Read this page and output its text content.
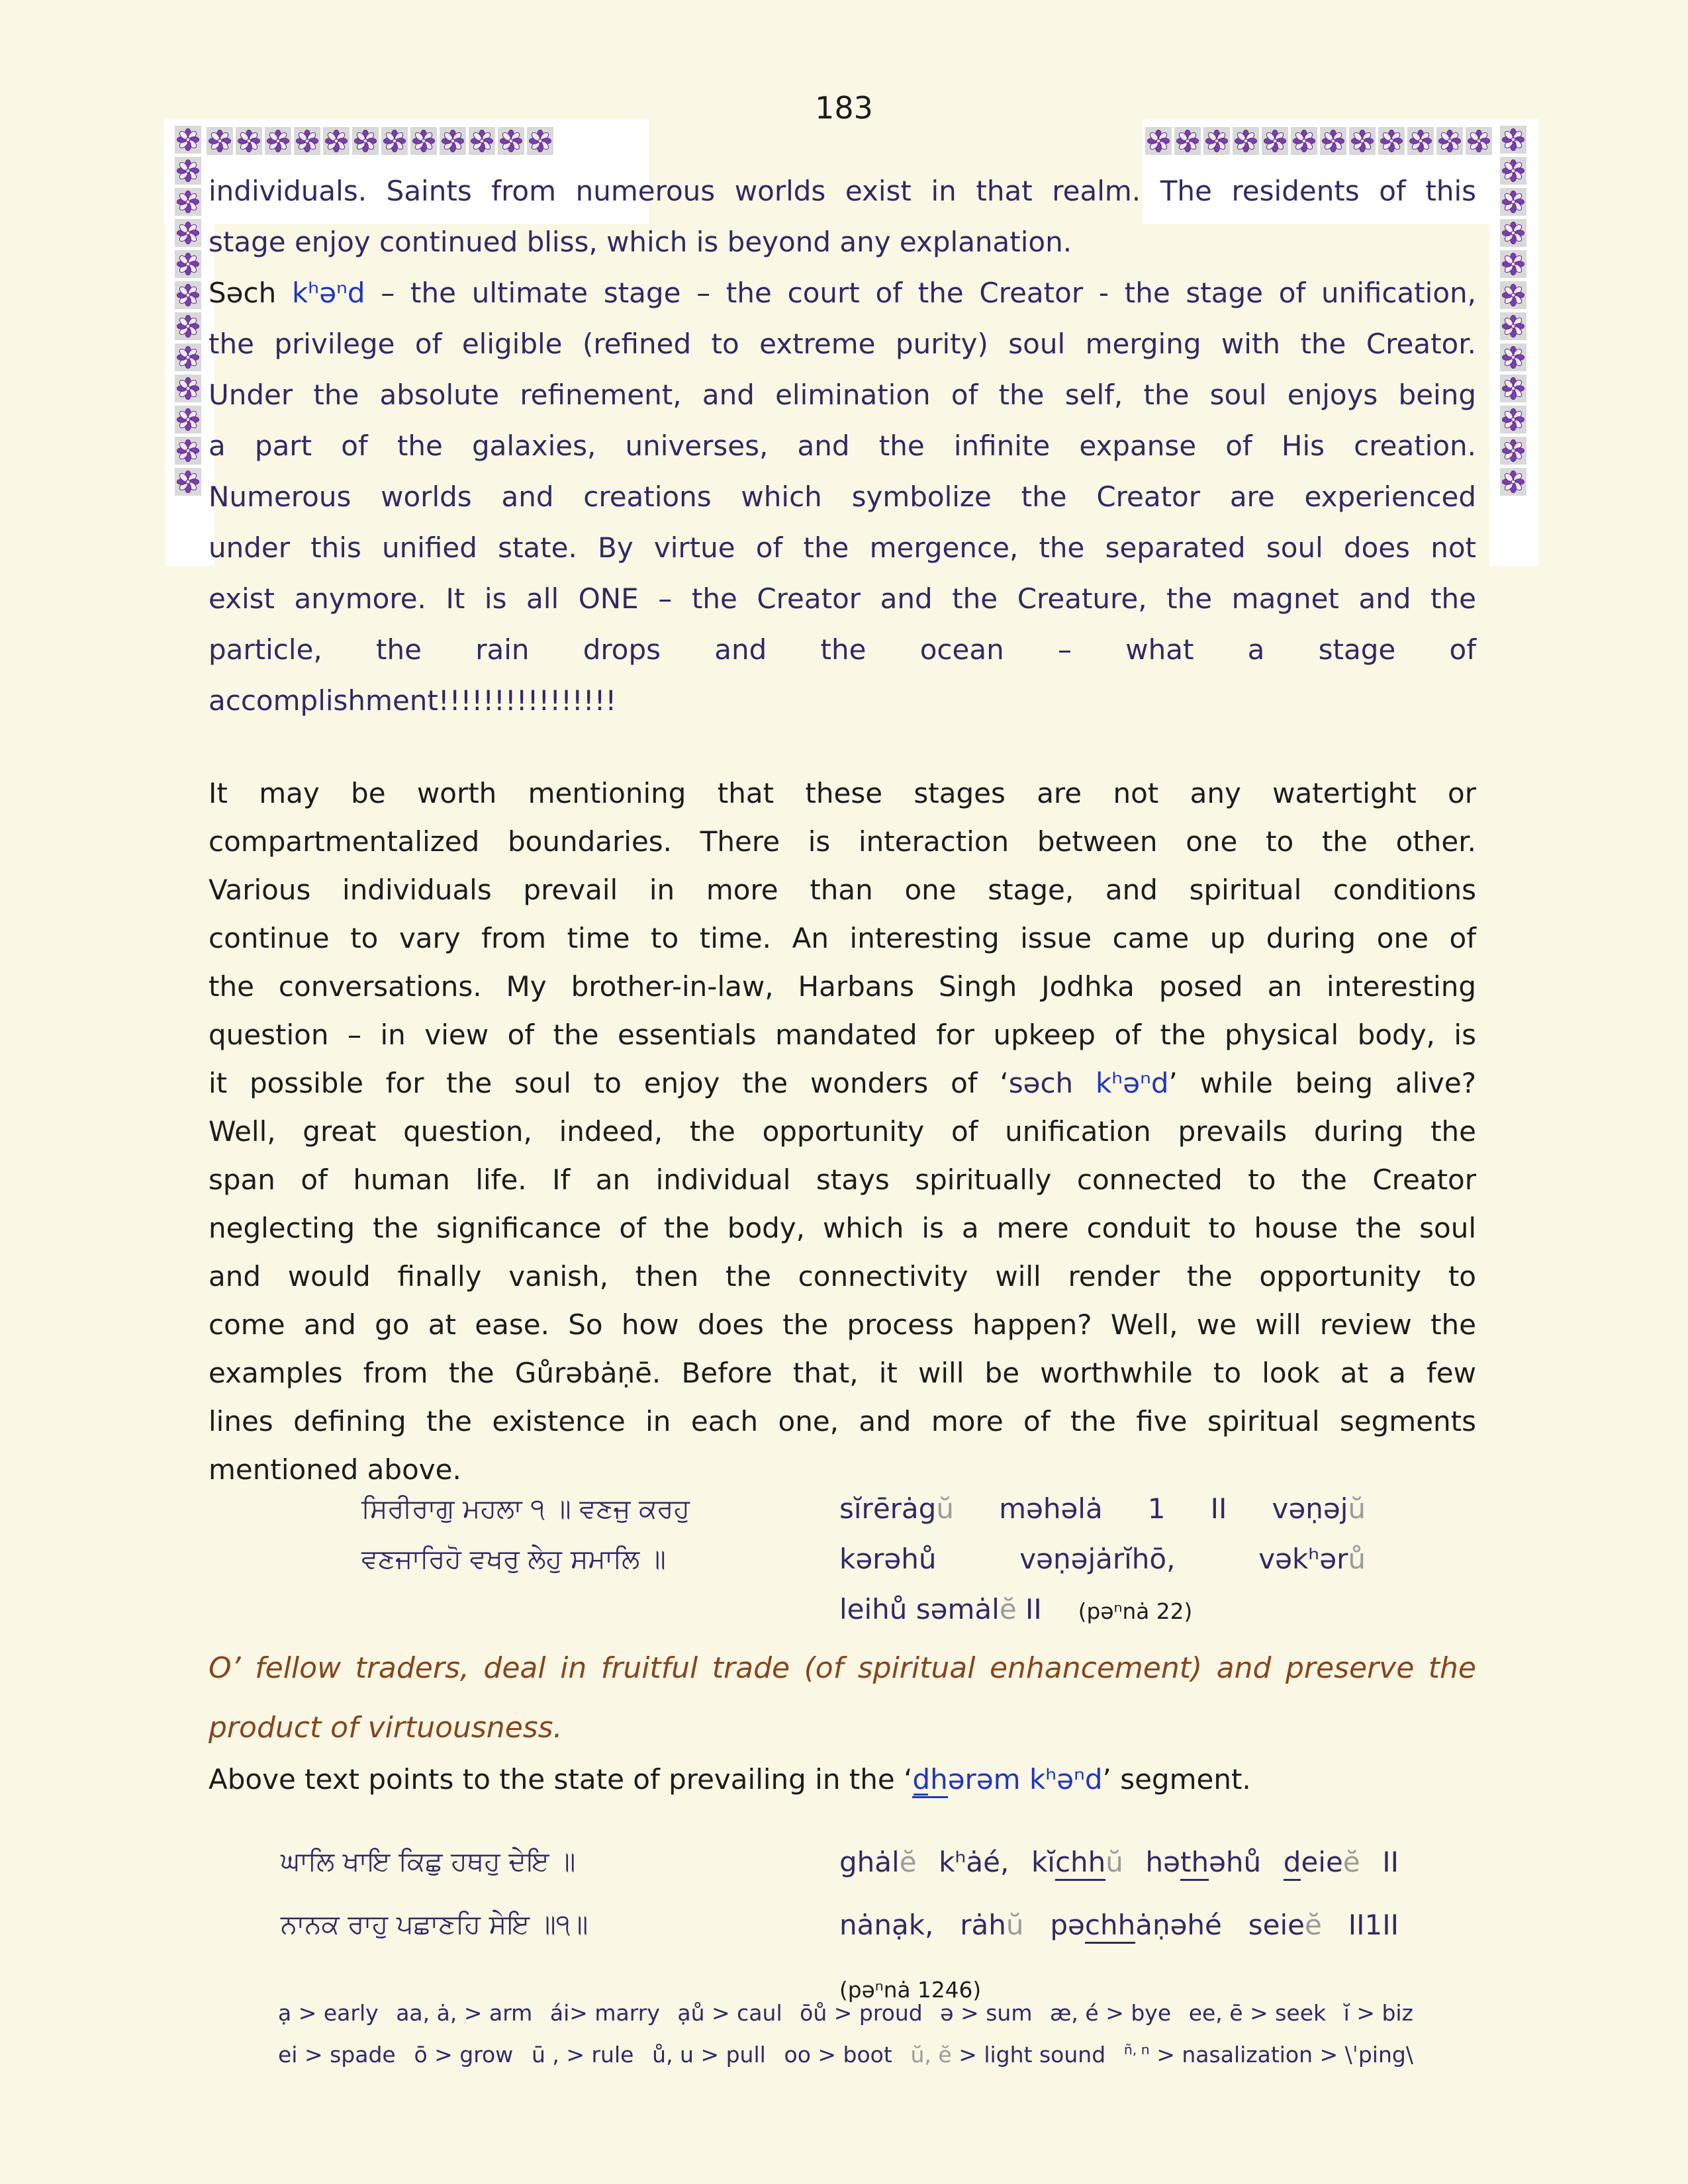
183
individuals. Saints from numerous worlds exist in that realm. The residents of this
stage enjoy continued bliss, which is beyond any explanation.
Səch kʰəⁿd – the ultimate stage – the court of the Creator - the stage of unification,
the privilege of eligible (refined to extreme purity) soul merging with the Creator.
Under the absolute refinement, and elimination of the self, the soul enjoys being
a part of the galaxies, universes, and the infinite expanse of His creation.
Numerous worlds and creations which symbolize the Creator are experienced
under this unified state. By virtue of the mergence, the separated soul does not
exist anymore. It is all ONE – the Creator and the Creature, the magnet and the
particle, the rain drops and the ocean – what a stage of
accomplishment!!!!!!!!!!!!!!!!
It may be worth mentioning that these stages are not any watertight or
compartmentalized boundaries. There is interaction between one to the other.
Various individuals prevail in more than one stage, and spiritual conditions
continue to vary from time to time. An interesting issue came up during one of
the conversations. My brother-in-law, Harbans Singh Jodhka posed an interesting
question – in view of the essentials mandated for upkeep of the physical body, is
it possible for the soul to enjoy the wonders of ‘səch kʰəⁿd’ while being alive?
Well, great question, indeed, the opportunity of unification prevails during the
span of human life. If an individual stays spiritually connected to the Creator
neglecting the significance of the body, which is a mere conduit to house the soul
and would finally vanish, then the connectivity will render the opportunity to
come and go at ease. So how does the process happen? Well, we will review the
examples from the Gůrəbȧṇē. Before that, it will be worthwhile to look at a few
lines defining the existence in each one, and more of the five spiritual segments
mentioned above.
ਸਿਰੀਰਾਗੁ ਮਹਲਾ ੧ ॥ ਵਣਜੁ ਕਰਹੁ
ਵਣਜਾਰਿਹੋ ਵਖਰੁ ਲੇਹੁ ਸਮਾਲਿ ॥
sĭrērȧgŭ məhəlȧ 1 II vəṇəjŭ
kərəhů vəṇəjȧrĭhō, vəkʰərů
leihů səmȧlĕ II (pəⁿnȧ 22)
O’ fellow traders, deal in fruitful trade (of spiritual enhancement) and preserve the
product of virtuousness.
Above text points to the state of prevailing in the ‘d̲hərəm kʰəⁿd’ segment.
ਘਾਲਿ ਖਾਇ ਕਿਛੁ ਹਥਹੁ ਦੇਇ ॥
ਨਾਨਕ ਰਾਹੁ ਪਛਾਣਹਿ ਸੇਇ ॥੧॥
ghȧlĕ kʰȧé, kĭchhŭ həthəhů deieĕ II
nȧnạk, rȧhŭ pəchhȧṇəhé seieĕ II1II
(pəⁿnȧ 1246)
ạ > early aa, ȧ, > arm ái> marry ạů > caul ōů > proud ə > sum æ, é > bye ee, ē > seek ĭ > biz
ei > spade ō > grow ū , > rule ů, u > pull oo > boot ŭ, ĕ > light sound $^{ñ, n}$ > nasalization > \ˈping\
